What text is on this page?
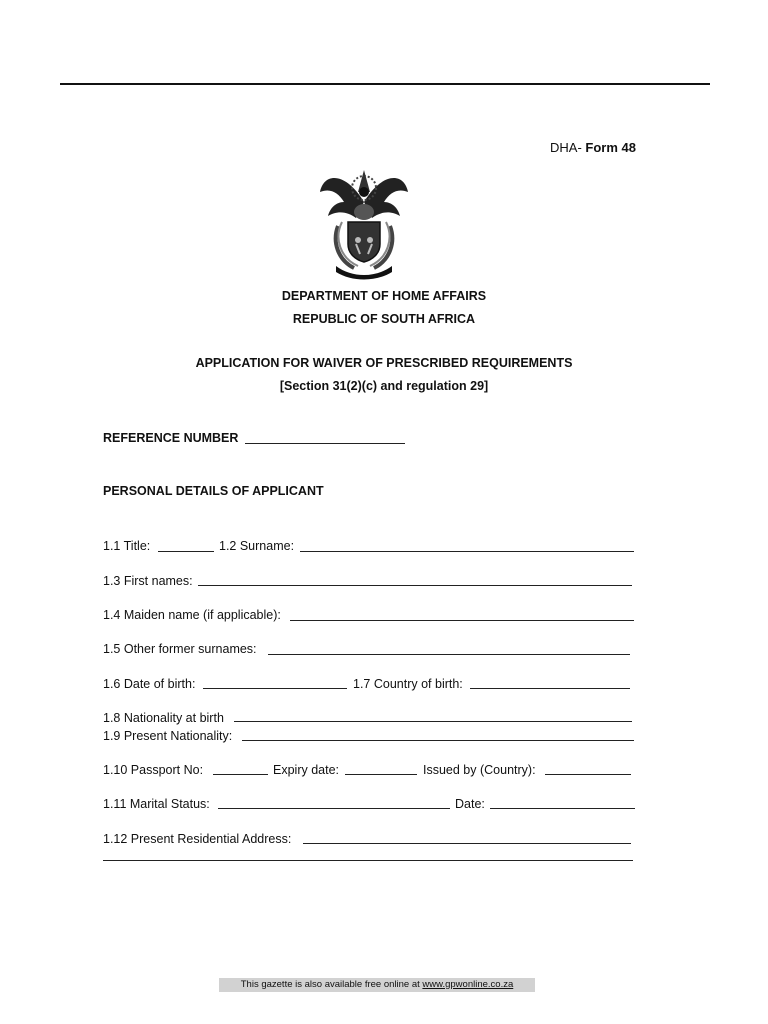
DHA- Form 48
DEPARTMENT OF HOME AFFAIRS
REPUBLIC OF SOUTH AFRICA
APPLICATION FOR WAIVER OF PRESCRIBED REQUIREMENTS
[Section 31(2)(c) and regulation 29]
REFERENCE NUMBER
PERSONAL DETAILS OF APPLICANT
1.1 Title:	1.2 Surname:
1.3 First names:
1.4 Maiden name (if applicable):
1.5 Other former surnames:
1.6 Date of birth:	1.7 Country of birth:
1.8 Nationality at birth
1.9 Present Nationality:
1.10 Passport No:	Expiry date:	Issued by (Country):
1.11 Marital Status:	Date:
1.12 Present Residential Address:
This gazette is also available free online at www.gpwonline.co.za
